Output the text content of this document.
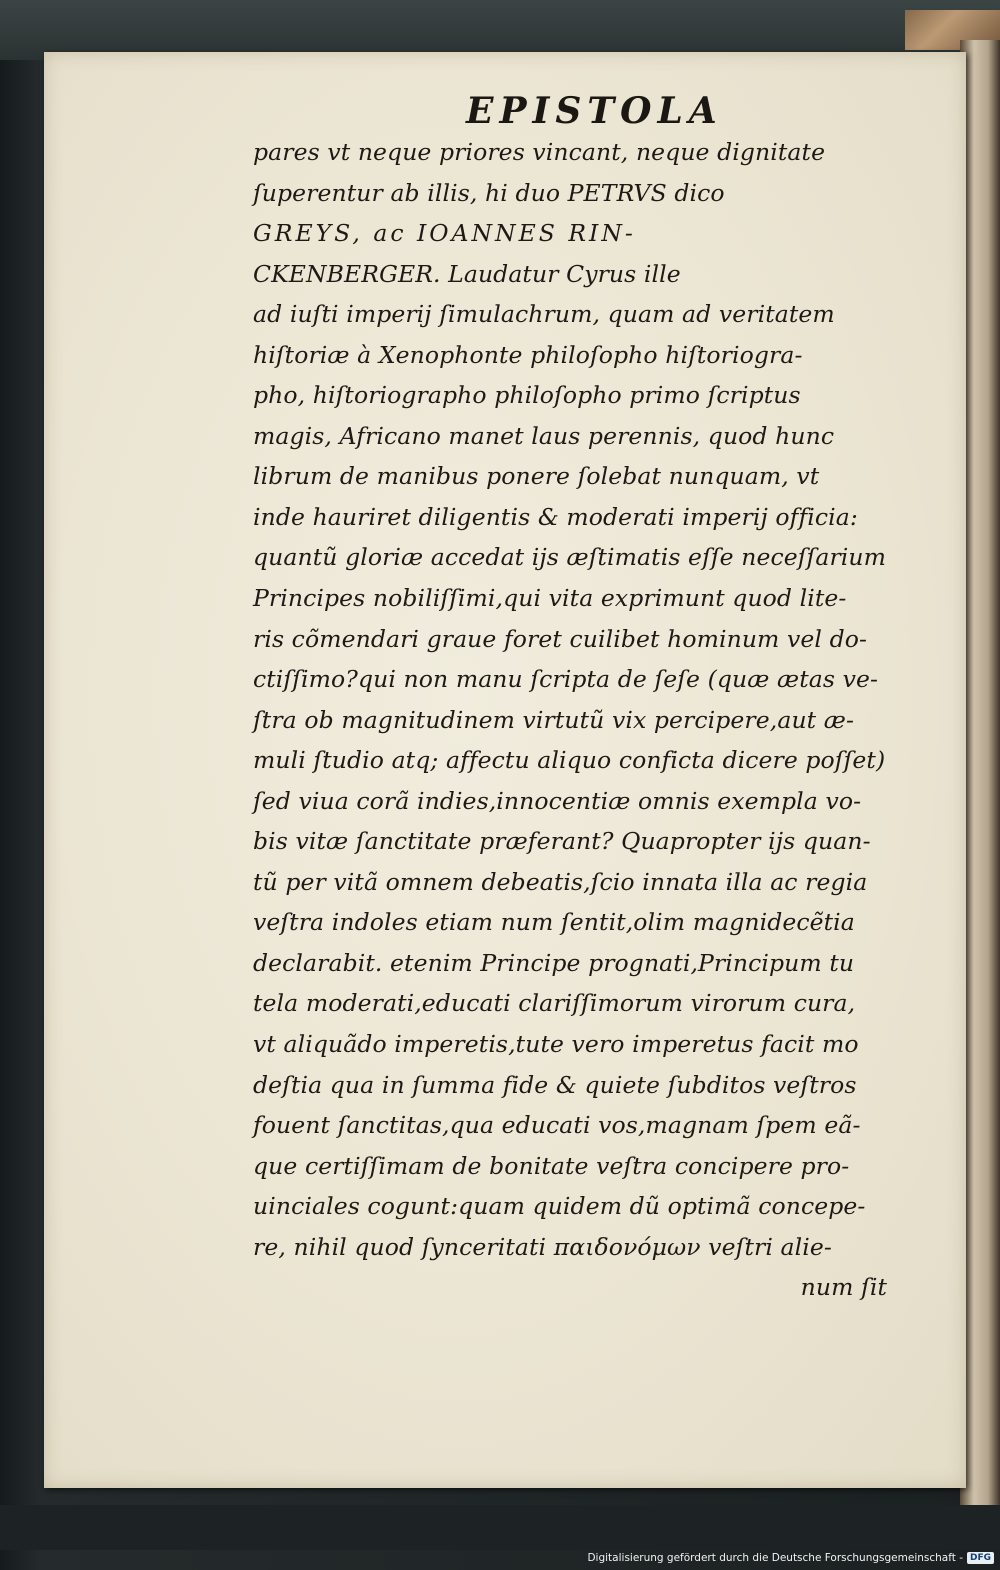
EPISTOLA
pares vt neque priores vincant, neque dignitate
ſuperentur ab illis, hi duo PETRVS dico
GREYS, ac IOANNES RIN-
CKENBERGER. Laudatur Cyrus ille
ad iuſti imperij ſimulachrum, quam ad veritatem
hiſtoriæ à Xenophonte philoſopho hiſtoriogra-
pho, hiſtoriographo philoſopho primo ſcriptus
magis, Africano manet laus perennis, quod hunc
librum de manibus ponere ſolebat nunquam, vt
inde hauriret diligentis & moderati imperij officia:
quantũ gloriæ accedat ijs æſtimatis eſſe neceſſarium
Principes nobiliſſimi,qui vita exprimunt quod lite-
ris cõmendari graue foret cuilibet hominum vel do-
ctiſſimo?qui non manu ſcripta de ſeſe (quæ ætas ve-
ſtra ob magnitudinem virtutũ vix percipere,aut æ-
muli ſtudio atq; affectu aliquo conficta dicere poſſet)
ſed viua corã indies,innocentiæ omnis exempla vo-
bis vitæ ſanctitate præferant? Quapropter ijs quan-
tũ per vitã omnem debeatis,ſcio innata illa ac regia
veſtra indoles etiam num ſentit,olim magnidecẽtia
declarabit. etenim Principe prognati,Principum tu
tela moderati,educati clariſſimorum virorum cura,
vt aliquãdo imperetis,tute vero imperetus facit mo
deſtia qua in ſumma fide & quiete ſubditos veſtros
fouent ſanctitas,qua educati vos,magnam ſpem eã-
que certiſſimam de bonitate veſtra concipere pro-
uinciales cogunt:quam quidem dũ optimã concepe-
re, nihil quod ſynceritati παιδονόμων veſtri alie-
num ſit
Digitalisierung gefördert durch die Deutsche Forschungsgemeinschaft - DFG
